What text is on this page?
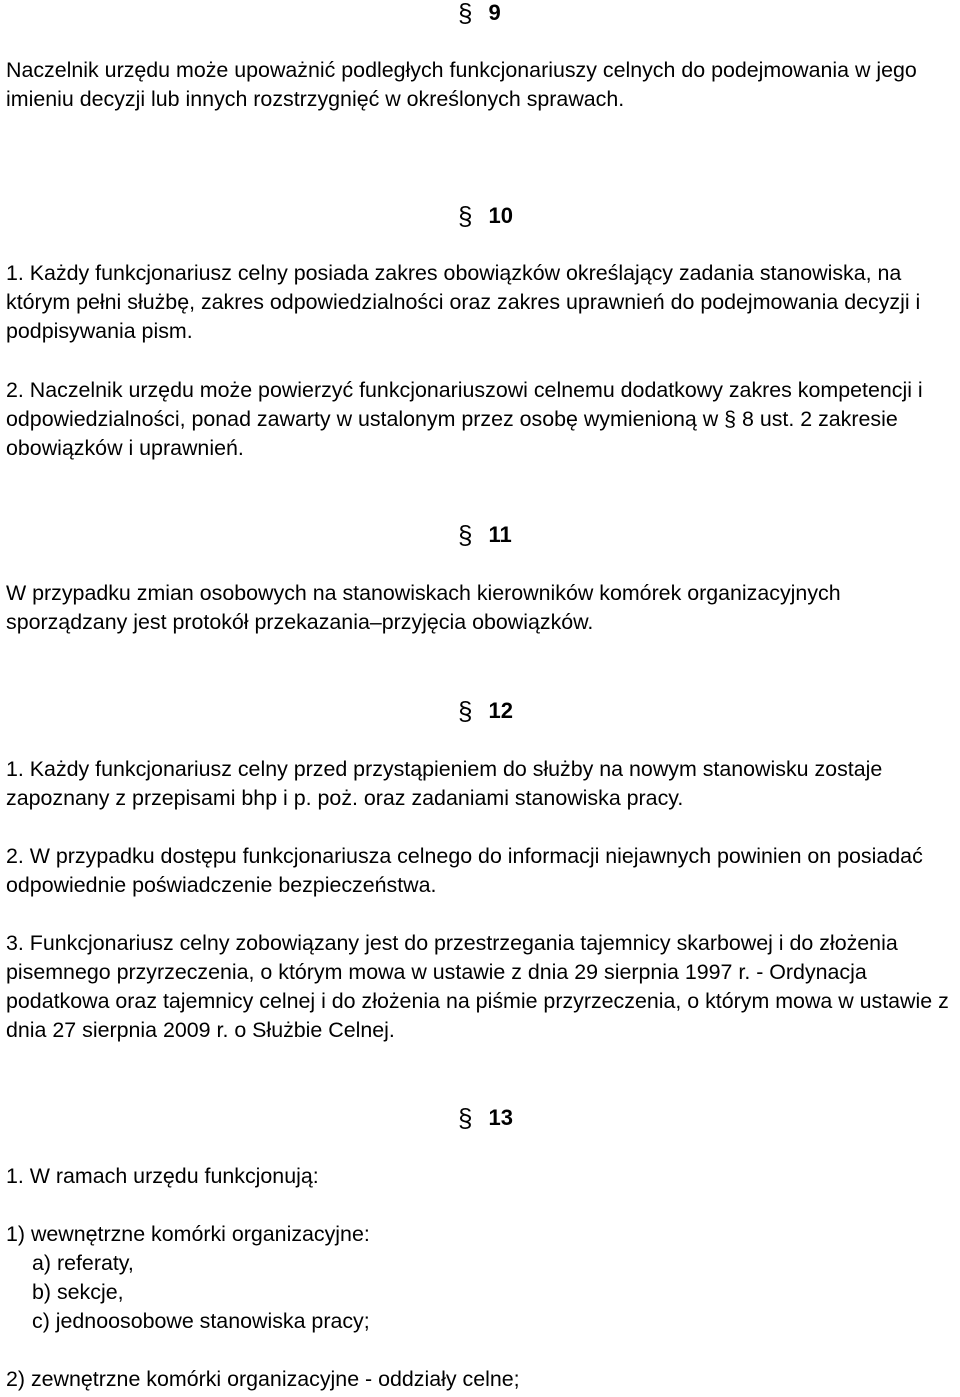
§ 9

Naczelnik urzędu może upoważnić podległych funkcjonariuszy celnych do podejmowania w jego imieniu decyzji lub innych rozstrzygnięć w określonych sprawach.

§ 10

1. Każdy funkcjonariusz celny posiada zakres obowiązków określający zadania stanowiska, na którym pełni służbę, zakres odpowiedzialności oraz zakres uprawnień do podejmowania decyzji i podpisywania pism.

2. Naczelnik urzędu może powierzyć funkcjonariuszowi celnemu dodatkowy zakres kompetencji i odpowiedzialności, ponad zawarty w ustalonym przez osobę wymienioną w § 8 ust. 2 zakresie obowiązków i uprawnień.

§ 11

W przypadku zmian osobowych na stanowiskach kierowników komórek organizacyjnych sporządzany jest protokół przekazania–przyjęcia obowiązków.

§ 12

1. Każdy funkcjonariusz celny przed przystąpieniem do służby na nowym stanowisku zostaje zapoznany z przepisami bhp i p. poż. oraz zadaniami stanowiska pracy.

2. W przypadku dostępu funkcjonariusza celnego do informacji niejawnych powinien on posiadać odpowiednie poświadczenie bezpieczeństwa.

3. Funkcjonariusz celny zobowiązany jest do przestrzegania tajemnicy skarbowej i do złożenia pisemnego przyrzeczenia, o którym mowa w ustawie z dnia 29 sierpnia 1997 r. - Ordynacja podatkowa oraz tajemnicy celnej i do złożenia na piśmie przyrzeczenia, o którym mowa w ustawie z dnia 27 sierpnia 2009 r. o Służbie Celnej.

§ 13

1. W ramach urzędu funkcjonują:

1) wewnętrzne komórki organizacyjne:

a) referaty,

b) sekcje,

c) jednoosobowe stanowiska pracy;

2) zewnętrzne komórki organizacyjne - oddziały celne;
